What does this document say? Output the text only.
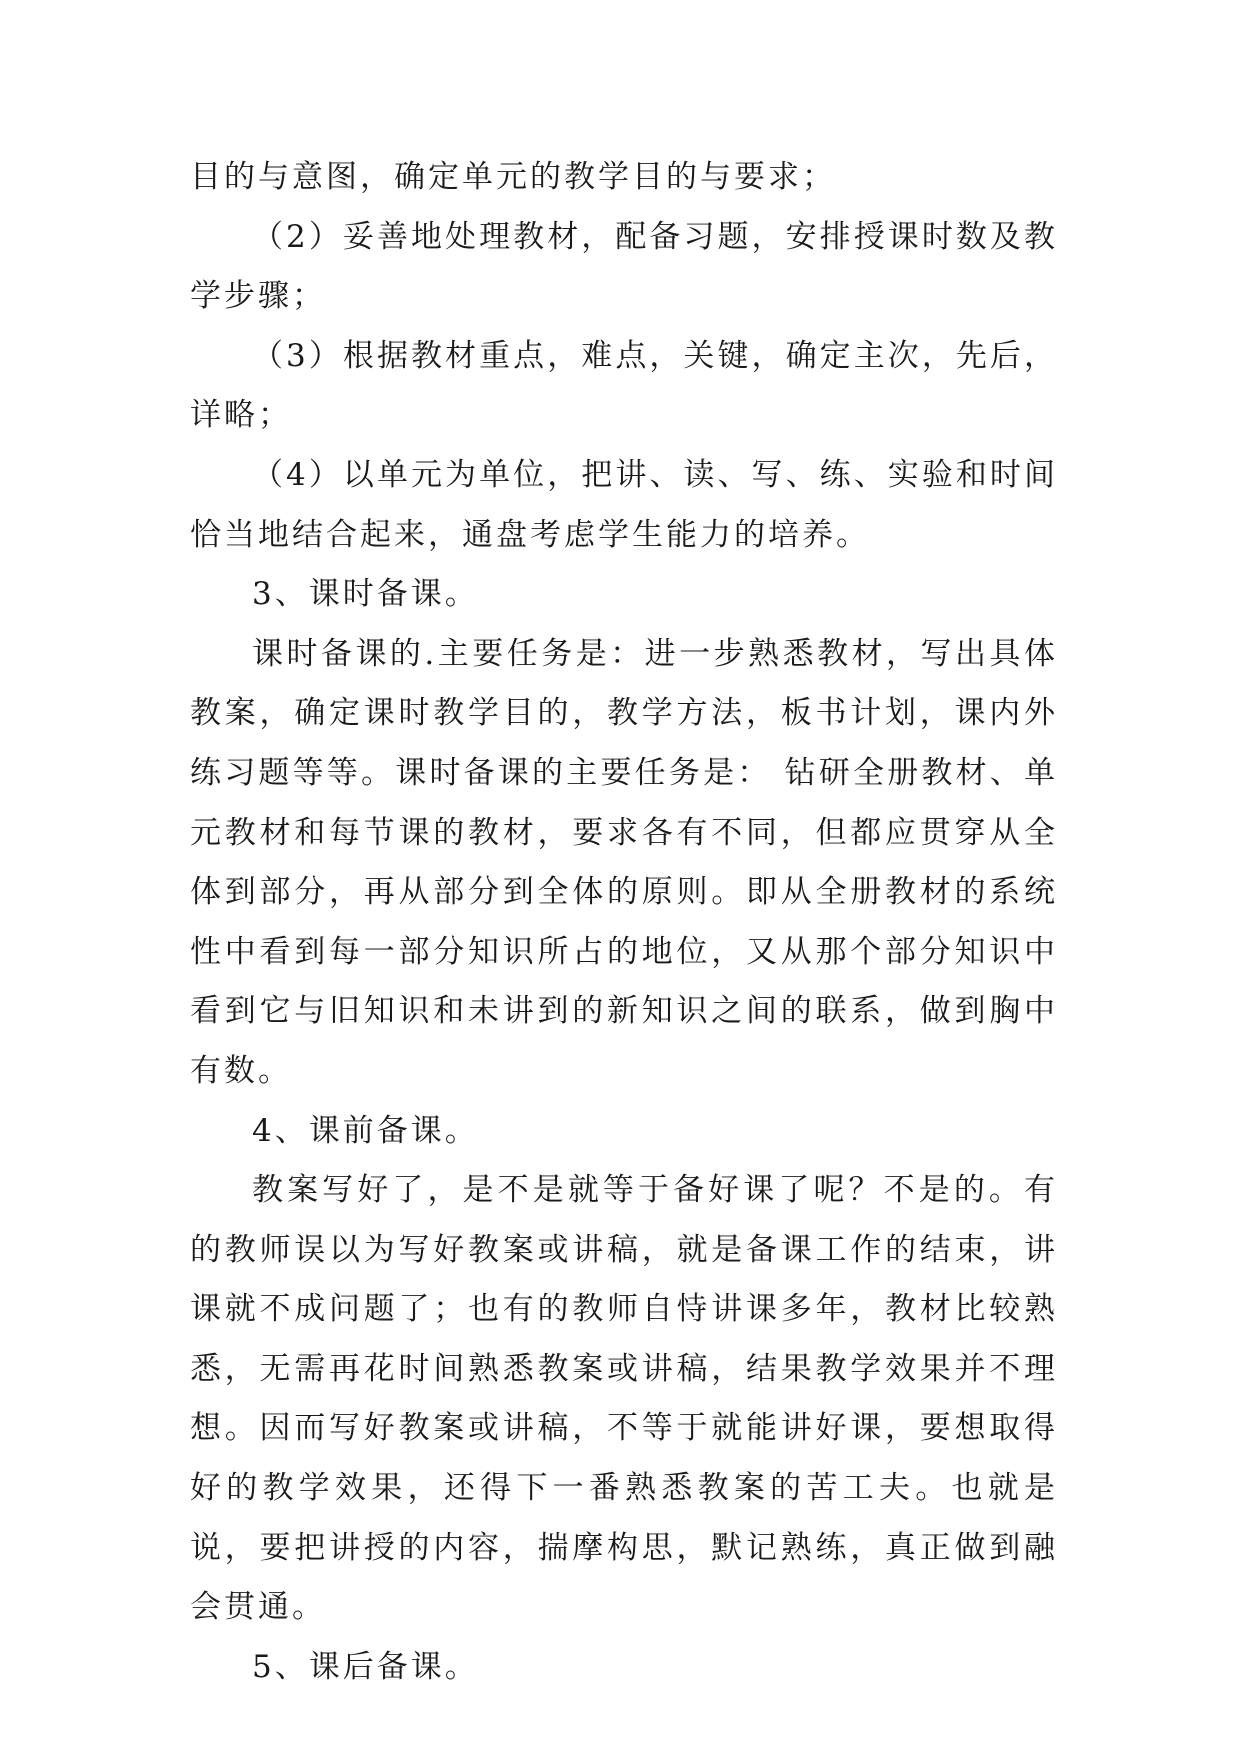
目的与意图，确定单元的教学目的与要求；

（2）妥善地处理教材，配备习题，安排授课时数及教学步骤；

（3）根据教材重点，难点，关键，确定主次，先后，详略；

（4）以单元为单位，把讲、读、写、练、实验和时间恰当地结合起来，通盘考虑学生能力的培养。

3、课时备课。

课时备课的.主要任务是：进一步熟悉教材，写出具体教案，确定课时教学目的，教学方法，板书计划，课内外练习题等等。课时备课的主要任务是： 钻研全册教材、单元教材和每节课的教材，要求各有不同，但都应贯穿从全体到部分，再从部分到全体的原则。即从全册教材的系统性中看到每一部分知识所占的地位，又从那个部分知识中看到它与旧知识和未讲到的新知识之间的联系，做到胸中有数。

4、课前备课。

教案写好了，是不是就等于备好课了呢？不是的。有的教师误以为写好教案或讲稿，就是备课工作的结束，讲课就不成问题了；也有的教师自恃讲课多年，教材比较熟悉，无需再花时间熟悉教案或讲稿，结果教学效果并不理想。因而写好教案或讲稿，不等于就能讲好课，要想取得好的教学效果，还得下一番熟悉教案的苦工夫。也就是说，要把讲授的内容，揣摩构思，默记熟练，真正做到融会贯通。

5、课后备课。
